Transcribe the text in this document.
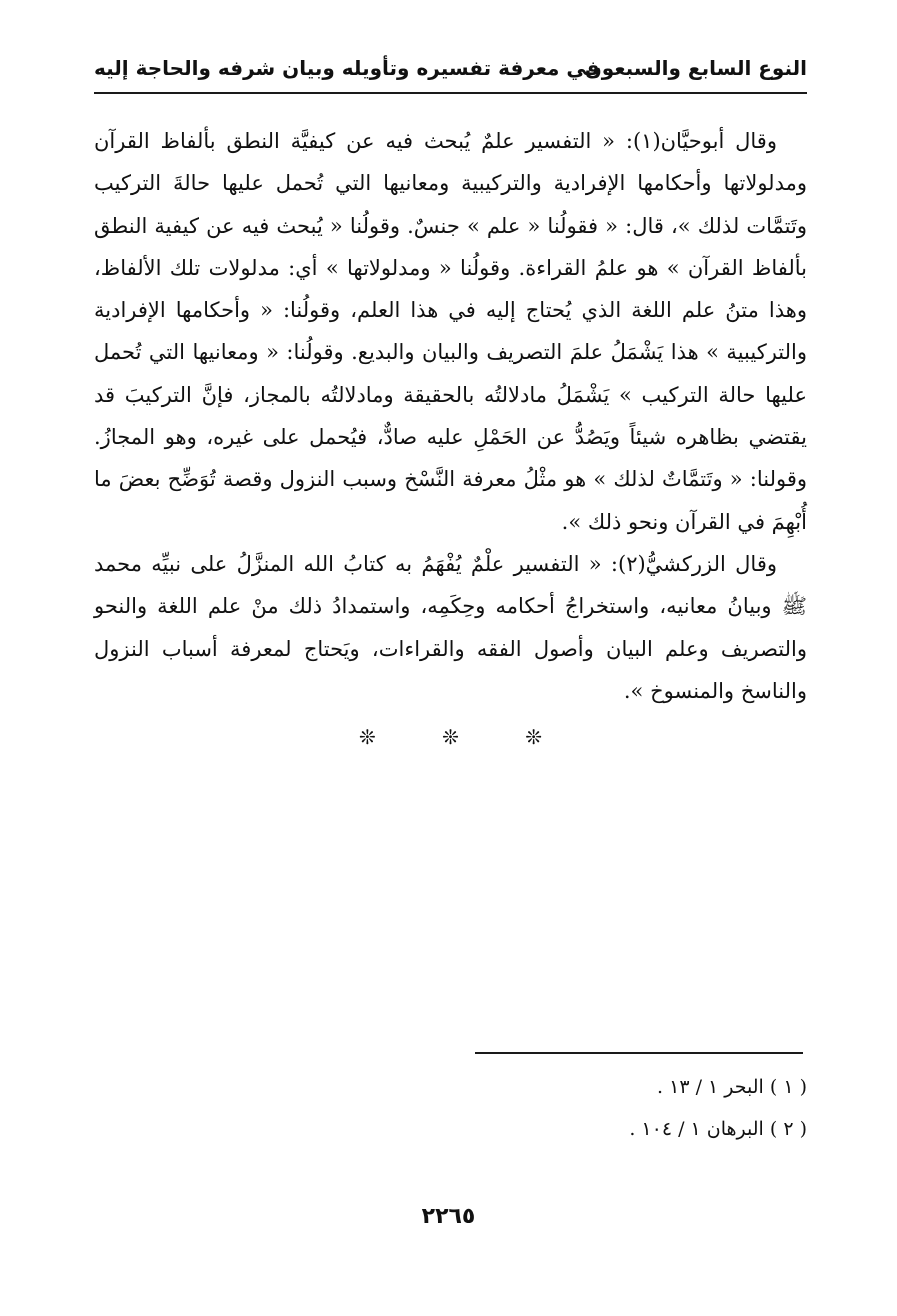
النوع السابع والسبعون
في معرفة تفسيره وتأويله وبيان شرفه والحاجة إليه

وقال أبوحيَّان(١): « التفسير علمٌ يُبحث فيه عن كيفيَّة النطق بألفاظ القرآن ومدلولاتها وأحكامها الإفرادية والتركيبية ومعانيها التي تُحمل عليها حالةَ التركيب وتَتمَّات لذلك »، قال: « فقولُنا « علم » جنسٌ. وقولُنا « يُبحث فيه عن كيفية النطق بألفاظ القرآن » هو علمُ القراءة. وقولُنا « ومدلولاتها » أي: مدلولات تلك الألفاظ، وهذا متنُ علم اللغة الذي يُحتاج إليه في هذا العلم، وقولُنا: « وأحكامها الإفرادية والتركيبية » هذا يَشْمَلُ علمَ التصريف والبيان والبديع. وقولُنا: « ومعانيها التي تُحمل عليها حالة التركيب » يَشْمَلُ مادلالتُه بالحقيقة ومادلالتُه بالمجاز، فإنَّ التركيبَ قد يقتضي بظاهره شيئاً ويَصُدُّ عن الحَمْلِ عليه صادٌّ، فيُحمل على غيره، وهو المجازُ. وقولنا: « وتَتمَّاتٌ لذلك » هو مثْلُ معرفة النَّسْخ وسبب النزول وقصة تُوَضِّح بعضَ ما أُبْهِمَ في القرآن ونحو ذلك ».

وقال الزركشيُّ(٢): « التفسير علْمٌ يُفْهَمُ به كتابُ الله المنزَّلُ على نبيِّه محمد ﷺ وبيانُ معانيه، واستخراجُ أحكامه وحِكَمِه، واستمدادُ ذلك منْ علم اللغة والنحو والتصريف وعلم البيان وأصول الفقه والقراءات، ويَحتاج لمعرفة أسباب النزول والناسخ والمنسوخ ».

❊ ❊ ❊
( ١ ) البحر ١ / ١٣ .
( ٢ ) البرهان ١ / ١٠٤ .
٢٢٦٥
